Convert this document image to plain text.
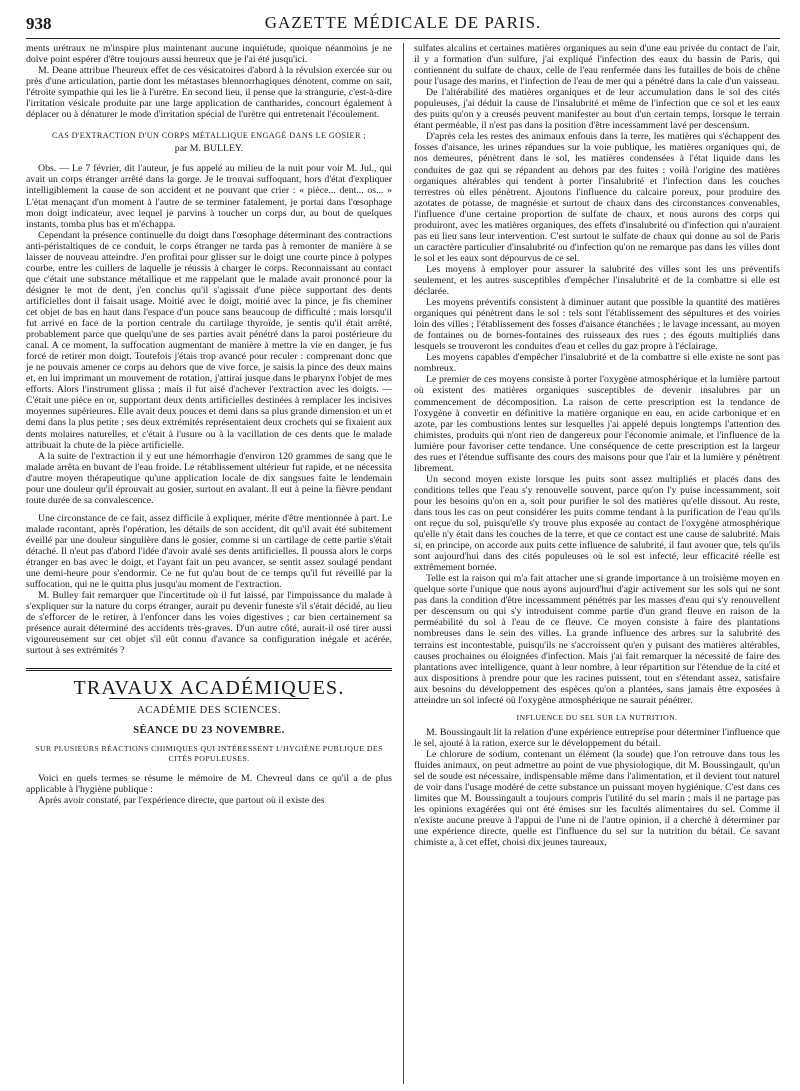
938	GAZETTE MÉDICALE DE PARIS.

ments urétraux ne m'inspire plus maintenant aucune inquiétude, quoique néanmoins je ne doive point espérer d'être toujours aussi heureux que je l'ai été jusqu'ici.

M. Deane attribue l'heureux effet de ces vésicatoires d'abord à la révulsion exercée sur ou près d'une articulation, partie dont les métastases blennorrhagiques dénotent, comme on sait, l'étroite sympathie qui les lie à l'urètre. En second lieu, il pense que la strangurie, c'est-à-dire l'irritation vésicale produite par une large application de cantharides, concourt également à déplacer ou à dénaturer le mode d'irritation spécial de l'urètre qui entretenait l'écoulement.

CAS D'EXTRACTION D'UN CORPS MÉTALLIQUE ENGAGÉ DANS LE GOSIER ;
par M. BULLEY.

Obs. — Le 7 février, dit l'auteur, je fus appelé au milieu de la nuit pour voir M. Jul., qui avait un corps étranger arrêté dans la gorge. Je le trouvai suffoquant, hors d'état d'expliquer intelligiblement la cause de son accident et ne pouvant que crier : « pièce... dent... os... » L'état menaçant d'un moment à l'autre de se terminer fatalement, je portai dans l'œsophage mon doigt indicateur, avec lequel je parvins à toucher un corps dur, au bout de quelques instants, tomba plus bas et m'échappa.

Cependant la présence continuelle du doigt dans l'œsophage déterminant des contractions anti-péristaltiques de ce conduit, le corps étranger ne tarda pas à remonter de manière à se laisser de nouveau atteindre. J'en profitai pour glisser sur le doigt une courte pince à polypes courbe, entre les cuillers de laquelle je réussis à charger le corps. Reconnaissant au contact que c'était une substance métallique et me rappelant que le malade avait prononcé pour la désigner le mot de dent, j'en conclus qu'il s'agissait d'une pièce supportant des dents artificielles dont il faisait usage. Moitié avec le doigt, moitié avec la pince, je fis cheminer cet objet de bas en haut dans l'espace d'un pouce sans beaucoup de difficulté ; mais lorsqu'il fut arrivé en face de la portion centrale du cartilage thyroïde, je sentis qu'il était arrêté, probablement parce que quelqu'une de ses parties avait pénétré dans la paroi postérieure du canal. A ce moment, la suffocation augmentant de manière à mettre la vie en danger, je fus forcé de retirer mon doigt. Toutefois j'étais trop avancé pour reculer : comprenant donc que je ne pouvais amener ce corps au dehors que de vive force, je saisis la pince des deux mains et, en lui imprimant un mouvement de rotation, j'attirai jusque dans le pharynx l'objet de mes efforts. Alors l'instrument glissa ; mais il fut aisé d'achever l'extraction avec les doigts. — C'était une pièce en or, supportant deux dents artificielles destinées à remplacer les incisives moyennes supérieures. Elle avait deux pouces et demi dans sa plus grande dimension et un et demi dans la plus petite ; ses deux extrémités représentaient deux crochets qui se fixaient aux dents molaires naturelles, et c'était à l'usure ou à la vacillation de ces dents que le malade attribuait la chute de la pièce artificielle.

A la suite de l'extraction il y eut une hémorrhagie d'environ 120 grammes de sang que le malade arrêta en buvant de l'eau froide. Le rétablissement ultérieur fut rapide, et ne nécessita d'autre moyen thérapeutique qu'une application locale de dix sangsues faite le lendemain pour une douleur qu'il éprouvait au gosier, surtout en avalant. Il eut à peine la fièvre pendant toute durée de sa convalescence.

Une circonstance de ce fait, assez difficile à expliquer, mérite d'être mentionnée à part. Le malade racontant, après l'opération, les détails de son accident, dit qu'il avait été subitement éveillé par une douleur singulière dans le gosier, comme si un cartilage de cette partie s'était détaché. Il n'eut pas d'abord l'idée d'avoir avalé ses dents artificielles. Il poussa alors le corps étranger en bas avec le doigt, et l'ayant fait un peu avancer, se sentit assez soulagé pendant une demi-heure pour s'endormir. Ce ne fut qu'au bout de ce temps qu'il fut réveillé par la suffocation, qui ne le quitta plus jusqu'au moment de l'extraction.

M. Bulley fait remarquer que l'incertitude où il fut laissé, par l'impuissance du malade à s'expliquer sur la nature du corps étranger, aurait pu devenir funeste s'il s'était décidé, au lieu de s'efforcer de le retirer, à l'enfoncer dans les voies digestives ; car bien certainement sa présence aurait déterminé des accidents très-graves. D'un autre côté, aurait-il osé tirer aussi vigoureusement sur cet objet s'il eût connu d'avance sa configuration inégale et acérée, surtout à ses extrémités ?

TRAVAUX ACADÉMIQUES.
ACADÉMIE DES SCIENCES.
SÉANCE DU 23 NOVEMBRE.
SUR PLUSIEURS RÉACTIONS CHIMIQUES QUI INTÉRESSENT L'HYGIÈNE PUBLIQUE DES CITÉS POPULEUSES.

Voici en quels termes se résume le mémoire de M. Chevreul dans ce qu'il a de plus applicable à l'hygiène publique :

Après avoir constaté, par l'expérience directe, que partout où il existe des

sulfates alcalins et certaines matières organiques au sein d'une eau privée du contact de l'air, il y a formation d'un sulfure, j'ai expliqué l'infection des eaux du bassin de Paris, qui contiennent du sulfate de chaux, celle de l'eau renfermée dans les futailles de bois de chêne pour l'usage des marins, et l'infection de l'eau de mer qui a pénétré dans la cale d'un vaisseau.

De l'altérabilité des matières organiques et de leur accumulation dans le sol des cités populeuses, j'ai déduit la cause de l'insalubrité et même de l'infection que ce sol et les eaux des puits qu'on y a creusés peuvent manifester au bout d'un certain temps, lorsque le terrain étant perméable, il n'est pas dans la position d'être incessamment lavé per descensum.

D'après cela les restes des animaux enfouis dans la terre, les matières qui s'échappent des fosses d'aisance, les urines répandues sur la voie publique, les matières organiques qui, de nos demeures, pénètrent dans le sol, les matières condensées à l'état liquide dans les conduites de gaz qui se répandent au dehors par des fuites : voilà l'origine des matières organiques altérables qui tendent à porter l'insalubrité et l'infection dans les couches terrestres où elles pénètrent. Ajoutons l'influence du calcaire poreux, pour produire des azotates de potasse, de magnésie et surtout de chaux dans des circonstances convenables, l'influence d'une certaine proportion de sulfate de chaux, et nous aurons des corps qui produiront, avec les matières organiques, des effets d'insalubrité ou d'infection qui n'auraient pas eu lieu sans leur intervention. C'est surtout le sulfate de chaux qui donne au sol de Paris un caractère particulier d'insalubrité ou d'infection qu'on ne remarque pas dans les villes dont le sol et les eaux sont dépourvus de ce sel.

Les moyens à employer pour assurer la salubrité des villes sont les uns préventifs seulement, et les autres susceptibles d'empêcher l'insalubrité et de la combattre si elle est déclarée.

Les moyens préventifs consistent à diminuer autant que possible la quantité des matières organiques qui pénètrent dans le sol : tels sont l'établissement des sépultures et des voiries loin des villes ; l'établissement des fosses d'aisance étanchées ; le lavage incessant, au moyen de fontaines ou de bornes-fontaines des ruisseaux des rues ; des égouts multipliés dans lesquels se trouveront les conduites d'eau et celles du gaz propre à l'éclairage.

Les moyens capables d'empêcher l'insalubrité et de la combattre si elle existe ne sont pas nombreux.

Le premier de ces moyens consiste à porter l'oxygène atmosphérique et la lumière partout où existent des matières organiques susceptibles de devenir insalubres par un commencement de décomposition. La raison de cette prescription est la tendance de l'oxygène à convertir en définitive la matière organique en eau, en acide carbonique et en azote, par les combustions lentes sur lesquelles j'ai appelé depuis longtemps l'attention des chimistes, produits qui n'ont rien de dangereux pour l'économie animale, et l'influence de la lumière pour favoriser cette tendance. Une conséquence de cette prescription est la largeur des rues et l'étendue suffisante des cours des maisons pour que l'air et la lumière y pénètrent librement.

Un second moyen existe lorsque les puits sont assez multipliés et placés dans des conditions telles que l'eau s'y renouvelle souvent, parce qu'on l'y puise incessamment, soit pour les besoins qu'on en a, soit pour purifier le sol des matières qu'elle dissout. Au reste, dans tous les cas on peut considérer les puits comme tendant à la purification de l'eau qu'ils ont reçue du sol, puisqu'elle s'y trouve plus exposée au contact de l'oxygène atmosphérique qu'elle n'y était dans les couches de la terre, et que ce contact est une cause de salubrité. Mais si, en principe, on accorde aux puits cette influence de salubrité, il faut avouer que, tels qu'ils sont aujourd'hui dans des cités populeuses où le sol est infecté, leur efficacité réelle est extrêmement bornée.

Telle est la raison qui m'a fait attacher une si grande importance à un troisième moyen en quelque sorte l'unique que nous ayons aujourd'hui d'agir activement sur les sols qui ne sont pas dans la condition d'être incessamment pénétrés par les masses d'eau qui s'y renouvellent per descensum ou qui s'y introduisent comme partie d'un grand fleuve en raison de la perméabilité du sol à l'eau de ce fleuve. Ce moyen consiste à faire des plantations nombreuses dans le sein des villes. La grande influence des arbres sur la salubrité des terrains est incontestable, puisqu'ils ne s'accroissent qu'en y puisant des matières altérables, causes prochaines ou éloignées d'infection. Mais j'ai fait remarquer la nécessité de faire des plantations avec intelligence, quant à leur nombre, à leur répartition sur l'étendue de la cité et aux dispositions à prendre pour que les racines puissent, tout en s'étendant assez, satisfaire aux besoins du développement des espèces qu'on a plantées, sans jamais être exposées à atteindre un sol infecté où l'oxygène atmosphérique ne saurait pénétrer.

INFLUENCE DU SEL SUR LA NUTRITION.

M. Boussingault lit la relation d'une expérience entreprise pour déterminer l'influence que le sel, ajouté à la ration, exerce sur le développement du bétail.

Le chlorure de sodium, contenant un élément (la soude) que l'on retrouve dans tous les fluides animaux, on peut admettre au point de vue physiologique, dit M. Boussingault, qu'un sel de soude est nécessaire, indispensable même dans l'alimentation, et il devient tout naturel de voir dans l'usage modéré de cette substance un puissant moyen hygiénique. C'est dans ces limites que M. Boussingault a toujours compris l'utilité du sel marin ; mais il ne partage pas les opinions exagérées qui ont été émises sur les facultés alimentaires du sel. Comme il n'existe aucune preuve à l'appui de l'une ni de l'autre opinion, il a cherché à déterminer par une expérience directe, quelle est l'influence du sel sur la nutrition du bétail. Ce savant chimiste a, à cet effet, choisi dix jeunes taureaux,
